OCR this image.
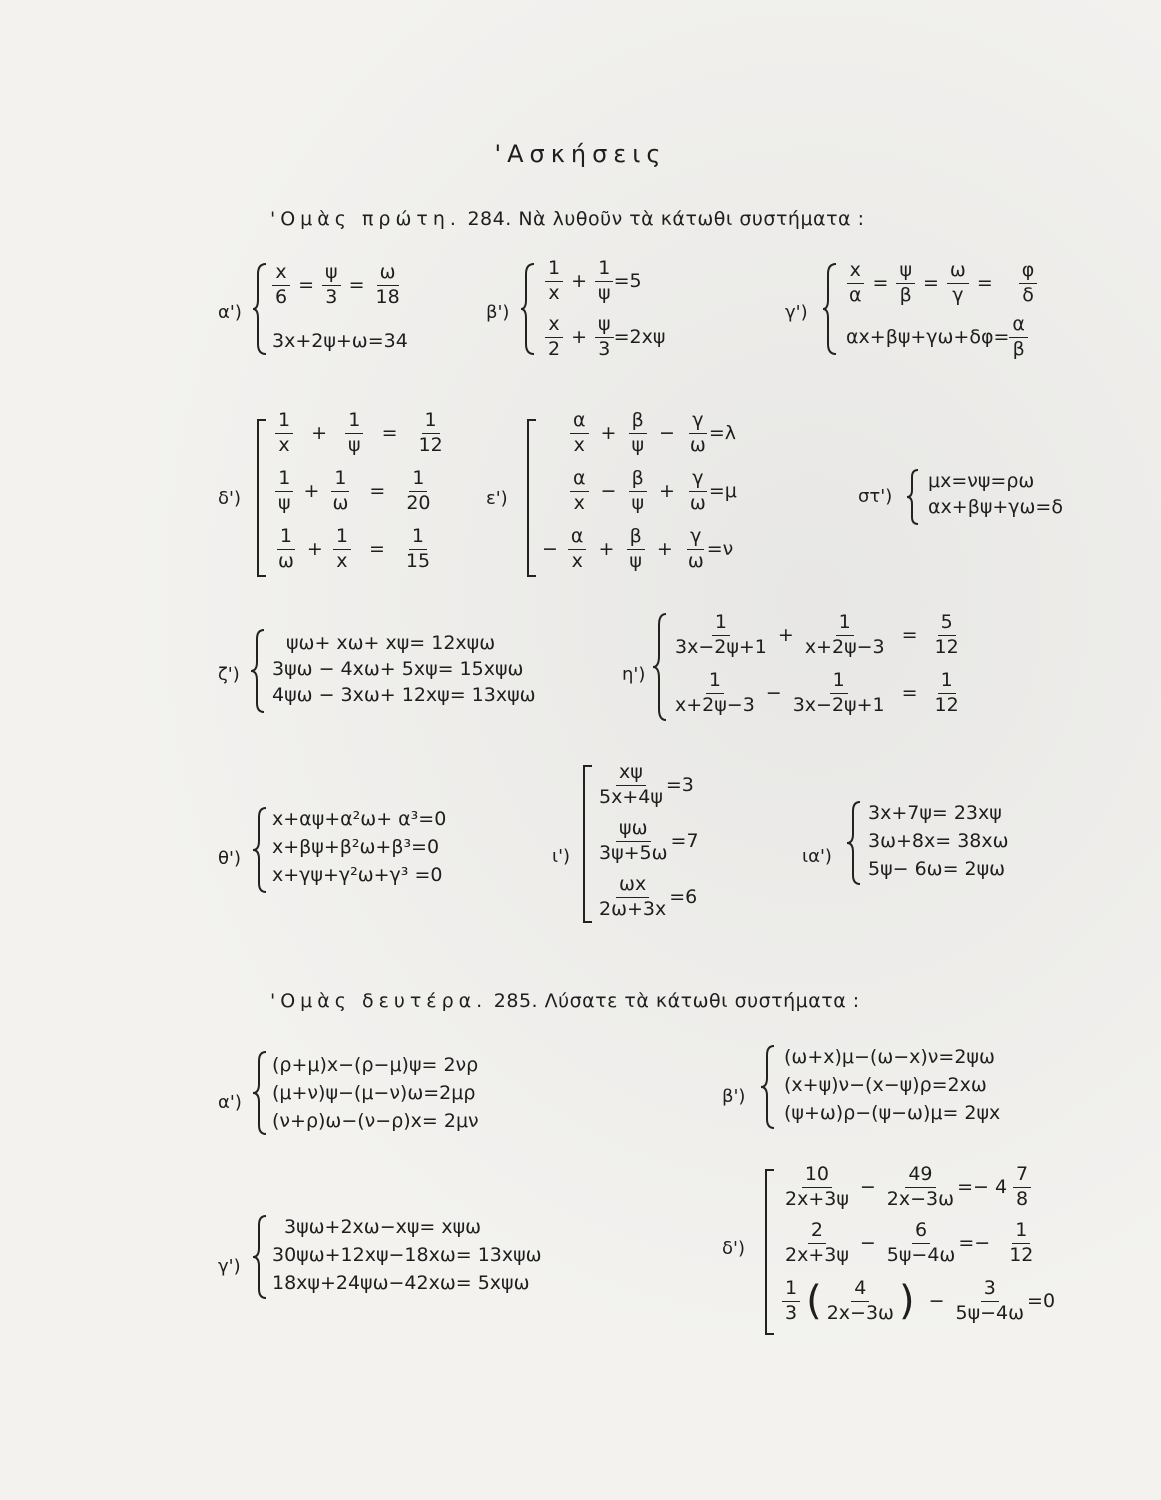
'Ασκήσεις
'Ομὰς πρώτη. 284. Νὰ λυθοῦν τὰ κάτωθι συστήματα :
α')
$\frac{x}{6} = \frac{\psi}{3} = \frac{\omega}{18}$
3x+2ψ+ω=34
β')
$\frac{1}{x} + \frac{1}{\psi} =5$
$\frac{x}{2} + \frac{\psi}{3} =2x\psi$
γ')
$\frac{x}{\alpha} = \frac{\psi}{\beta} = \frac{\omega}{\gamma} = \frac{\varphi}{\delta}$
$\alpha x+\beta\psi+\gamma\omega+\delta\varphi= \frac{\alpha}{\beta}$
δ')
$\frac{1}{x} + \frac{1}{\psi} = \frac{1}{12}$
$\frac{1}{\psi} + \frac{1}{\omega} = \frac{1}{20}$
$\frac{1}{\omega} + \frac{1}{x} = \frac{1}{15}$
ε')
$\frac{\alpha}{x} + \frac{\beta}{\psi} - \frac{\gamma}{\omega} =\lambda$
$\frac{\alpha}{x} - \frac{\beta}{\psi} + \frac{\gamma}{\omega} =\mu$
− $\frac{\alpha}{x} + \frac{\beta}{\psi} + \frac{\gamma}{\omega} =\nu$
στ')
μx=νψ=ρω
αx+βψ+γω=δ
ζ')
ψω+ xω+ xψ= 12xψω
3ψω − 4xω+ 5xψ= 15xψω
4ψω − 3xω+ 12xψ= 13xψω
η')
$\frac{1}{3x-2\psi+1} + \frac{1}{x+2\psi-3} = \frac{5}{12}$
$\frac{1}{x+2\psi-3} - \frac{1}{3x-2\psi+1} = \frac{1}{12}$
θ')
x+αψ+α²ω+ α³=0
x+βψ+β²ω+β³=0
x+γψ+γ²ω+γ³ =0
ι')
$\frac{x\psi}{5x+4\psi} =3$
$\frac{\psi\omega}{3\psi+5\omega} =7$
$\frac{\omega x}{2\omega+3x} =6$
ια')
3x+7ψ= 23xψ
3ω+8x= 38xω
5ψ− 6ω= 2ψω
'Ομὰς δευτέρα. 285. Λύσατε τὰ κάτωθι συστήματα :
α')
(ρ+μ)x−(ρ−μ)ψ= 2νρ
(μ+ν)ψ−(μ−ν)ω=2μρ
(ν+ρ)ω−(ν−ρ)x= 2μν
β')
(ω+x)μ−(ω−x)ν=2ψω
(x+ψ)ν−(x−ψ)ρ=2xω
(ψ+ω)ρ−(ψ−ω)μ= 2ψx
γ')
3ψω+2xω−xψ= xψω
30ψω+12xψ−18xω= 13xψω
18xψ+24ψω−42xω= 5xψω
δ')
$\frac{10}{2x+3\psi} - \frac{49}{2x-3\omega} =- 4 \frac{7}{8}$
$\frac{2}{2x+3\psi} - \frac{6}{5\psi-4\omega} =- \frac{1}{12}$
$\frac{1}{3}$ ( $\frac{4}{2x-3\omega}$ ) − $\frac{3}{5\psi-4\omega} =0$
